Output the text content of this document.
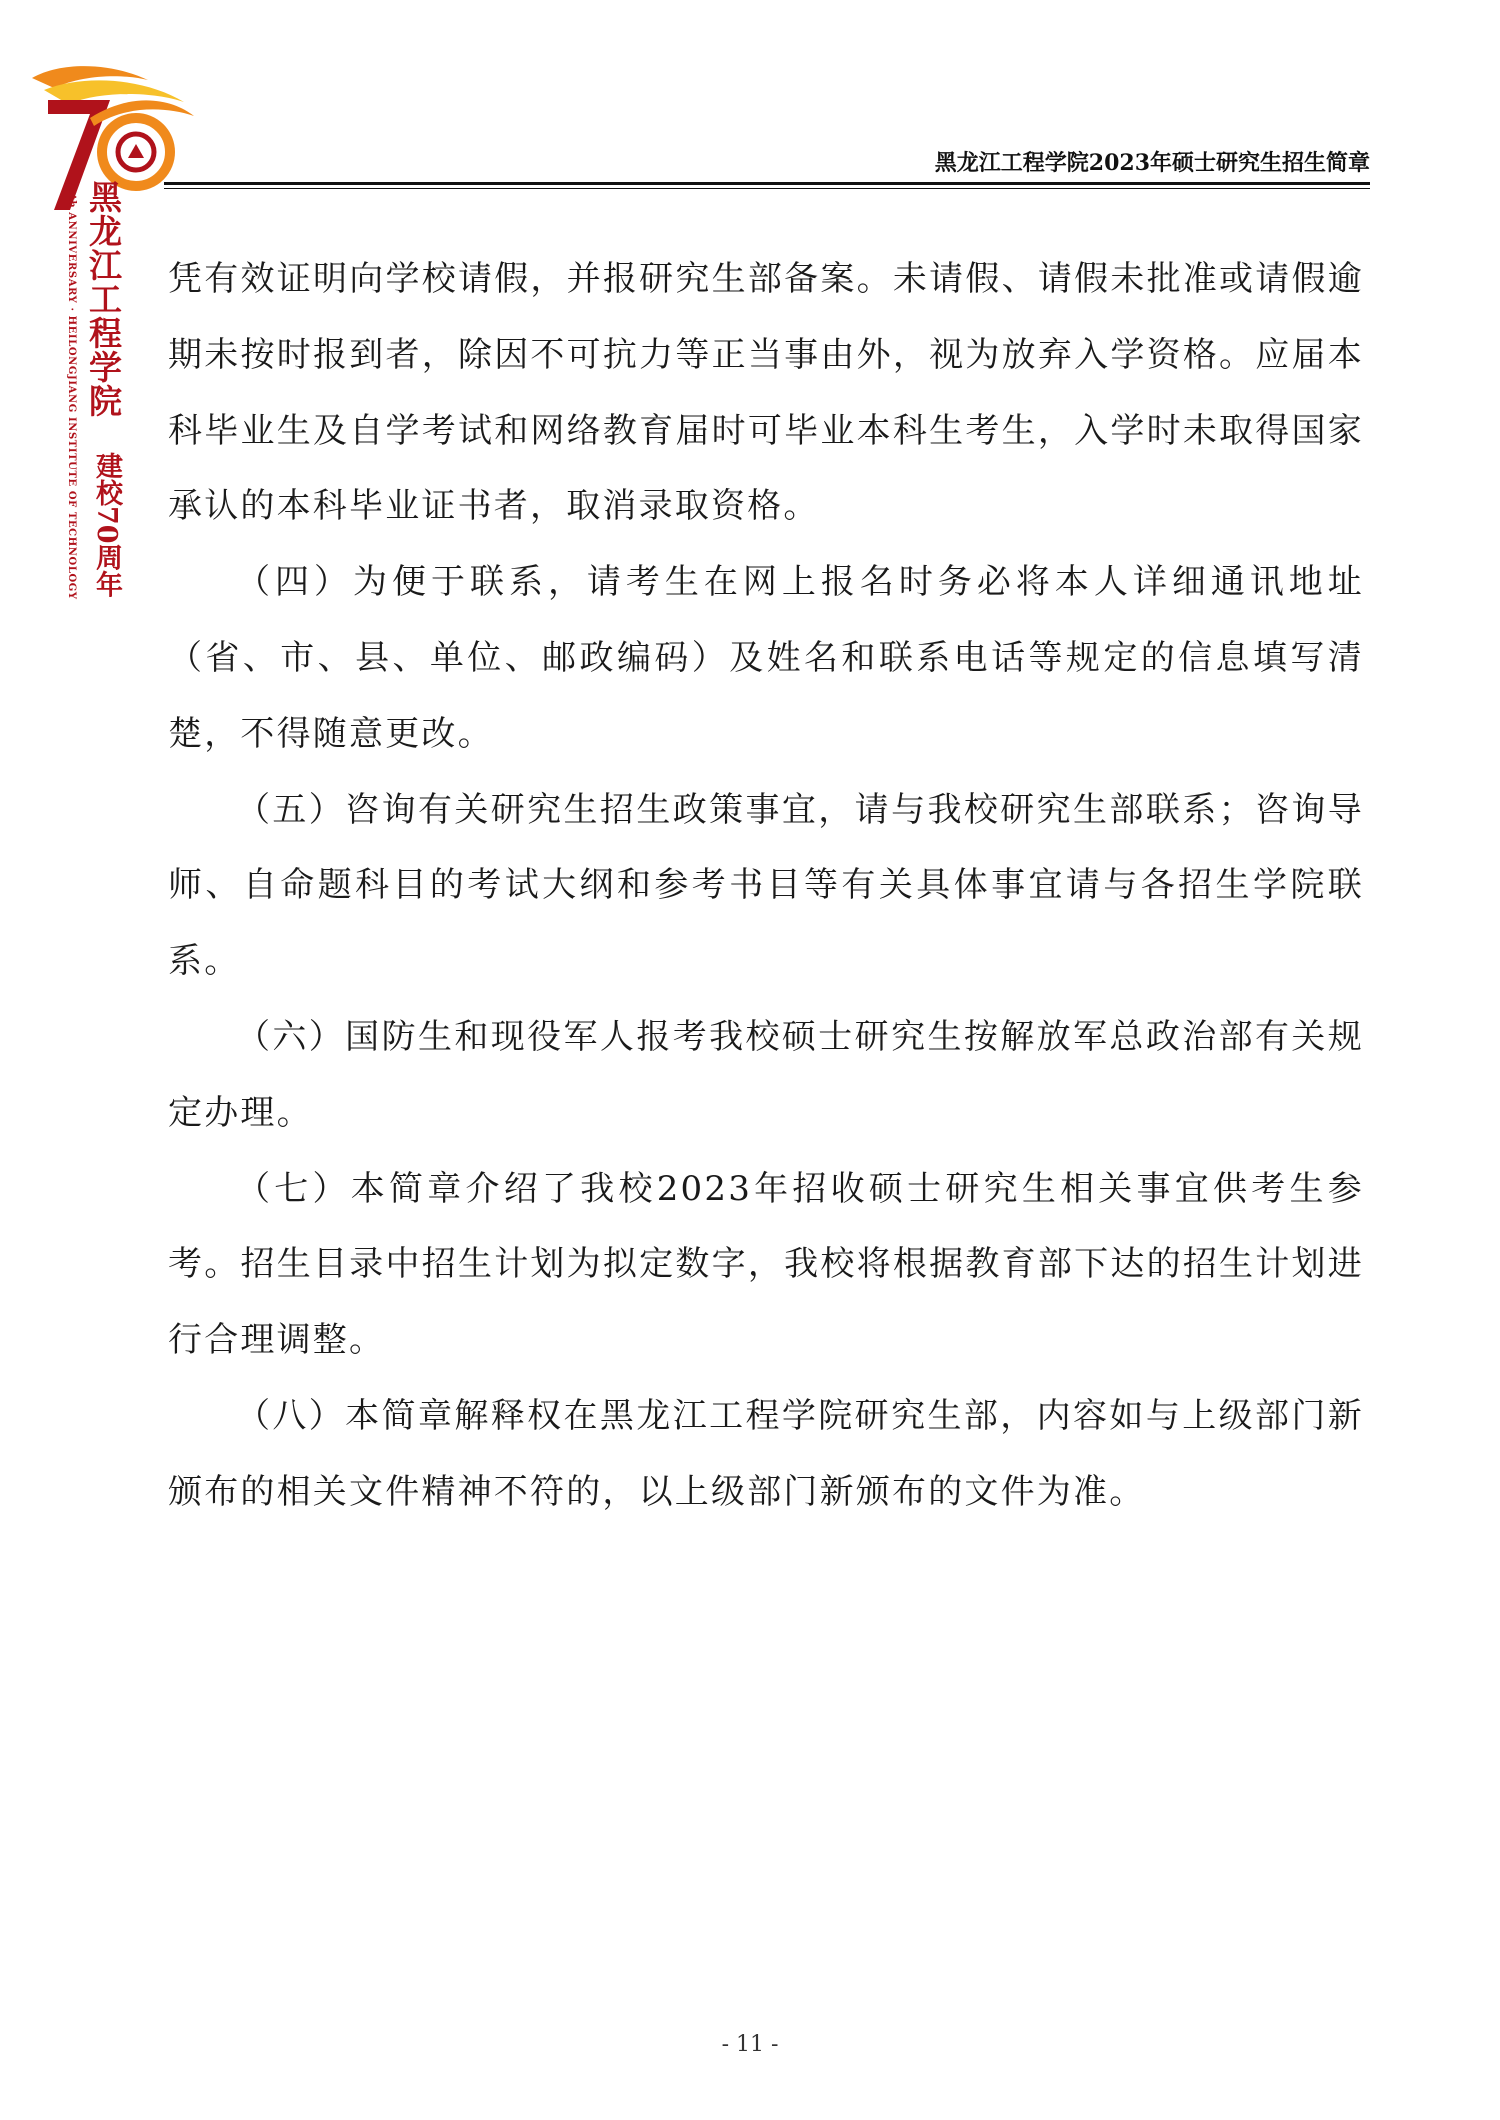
70th ANNIVERSARY · HEILONGJIANG INSTITUTE OF TECHNOLOGY 黑龙江工程学院
建校70周年
黑龙江工程学院2023年硕士研究生招生简章

凭有效证明向学校请假，并报研究生部备案。未请假、请假未批准或请假逾期未按时报到者，除因不可抗力等正当事由外，视为放弃入学资格。应届本科毕业生及自学考试和网络教育届时可毕业本科生考生，入学时未取得国家承认的本科毕业证书者，取消录取资格。

（四）为便于联系，请考生在网上报名时务必将本人详细通讯地址（省、市、县、单位、邮政编码）及姓名和联系电话等规定的信息填写清楚，不得随意更改。

（五）咨询有关研究生招生政策事宜，请与我校研究生部联系；咨询导师、自命题科目的考试大纲和参考书目等有关具体事宜请与各招生学院联系。

（六）国防生和现役军人报考我校硕士研究生按解放军总政治部有关规定办理。

（七）本简章介绍了我校2023年招收硕士研究生相关事宜供考生参考。招生目录中招生计划为拟定数字，我校将根据教育部下达的招生计划进行合理调整。

（八）本简章解释权在黑龙江工程学院研究生部，内容如与上级部门新颁布的相关文件精神不符的，以上级部门新颁布的文件为准。

- 11 -
